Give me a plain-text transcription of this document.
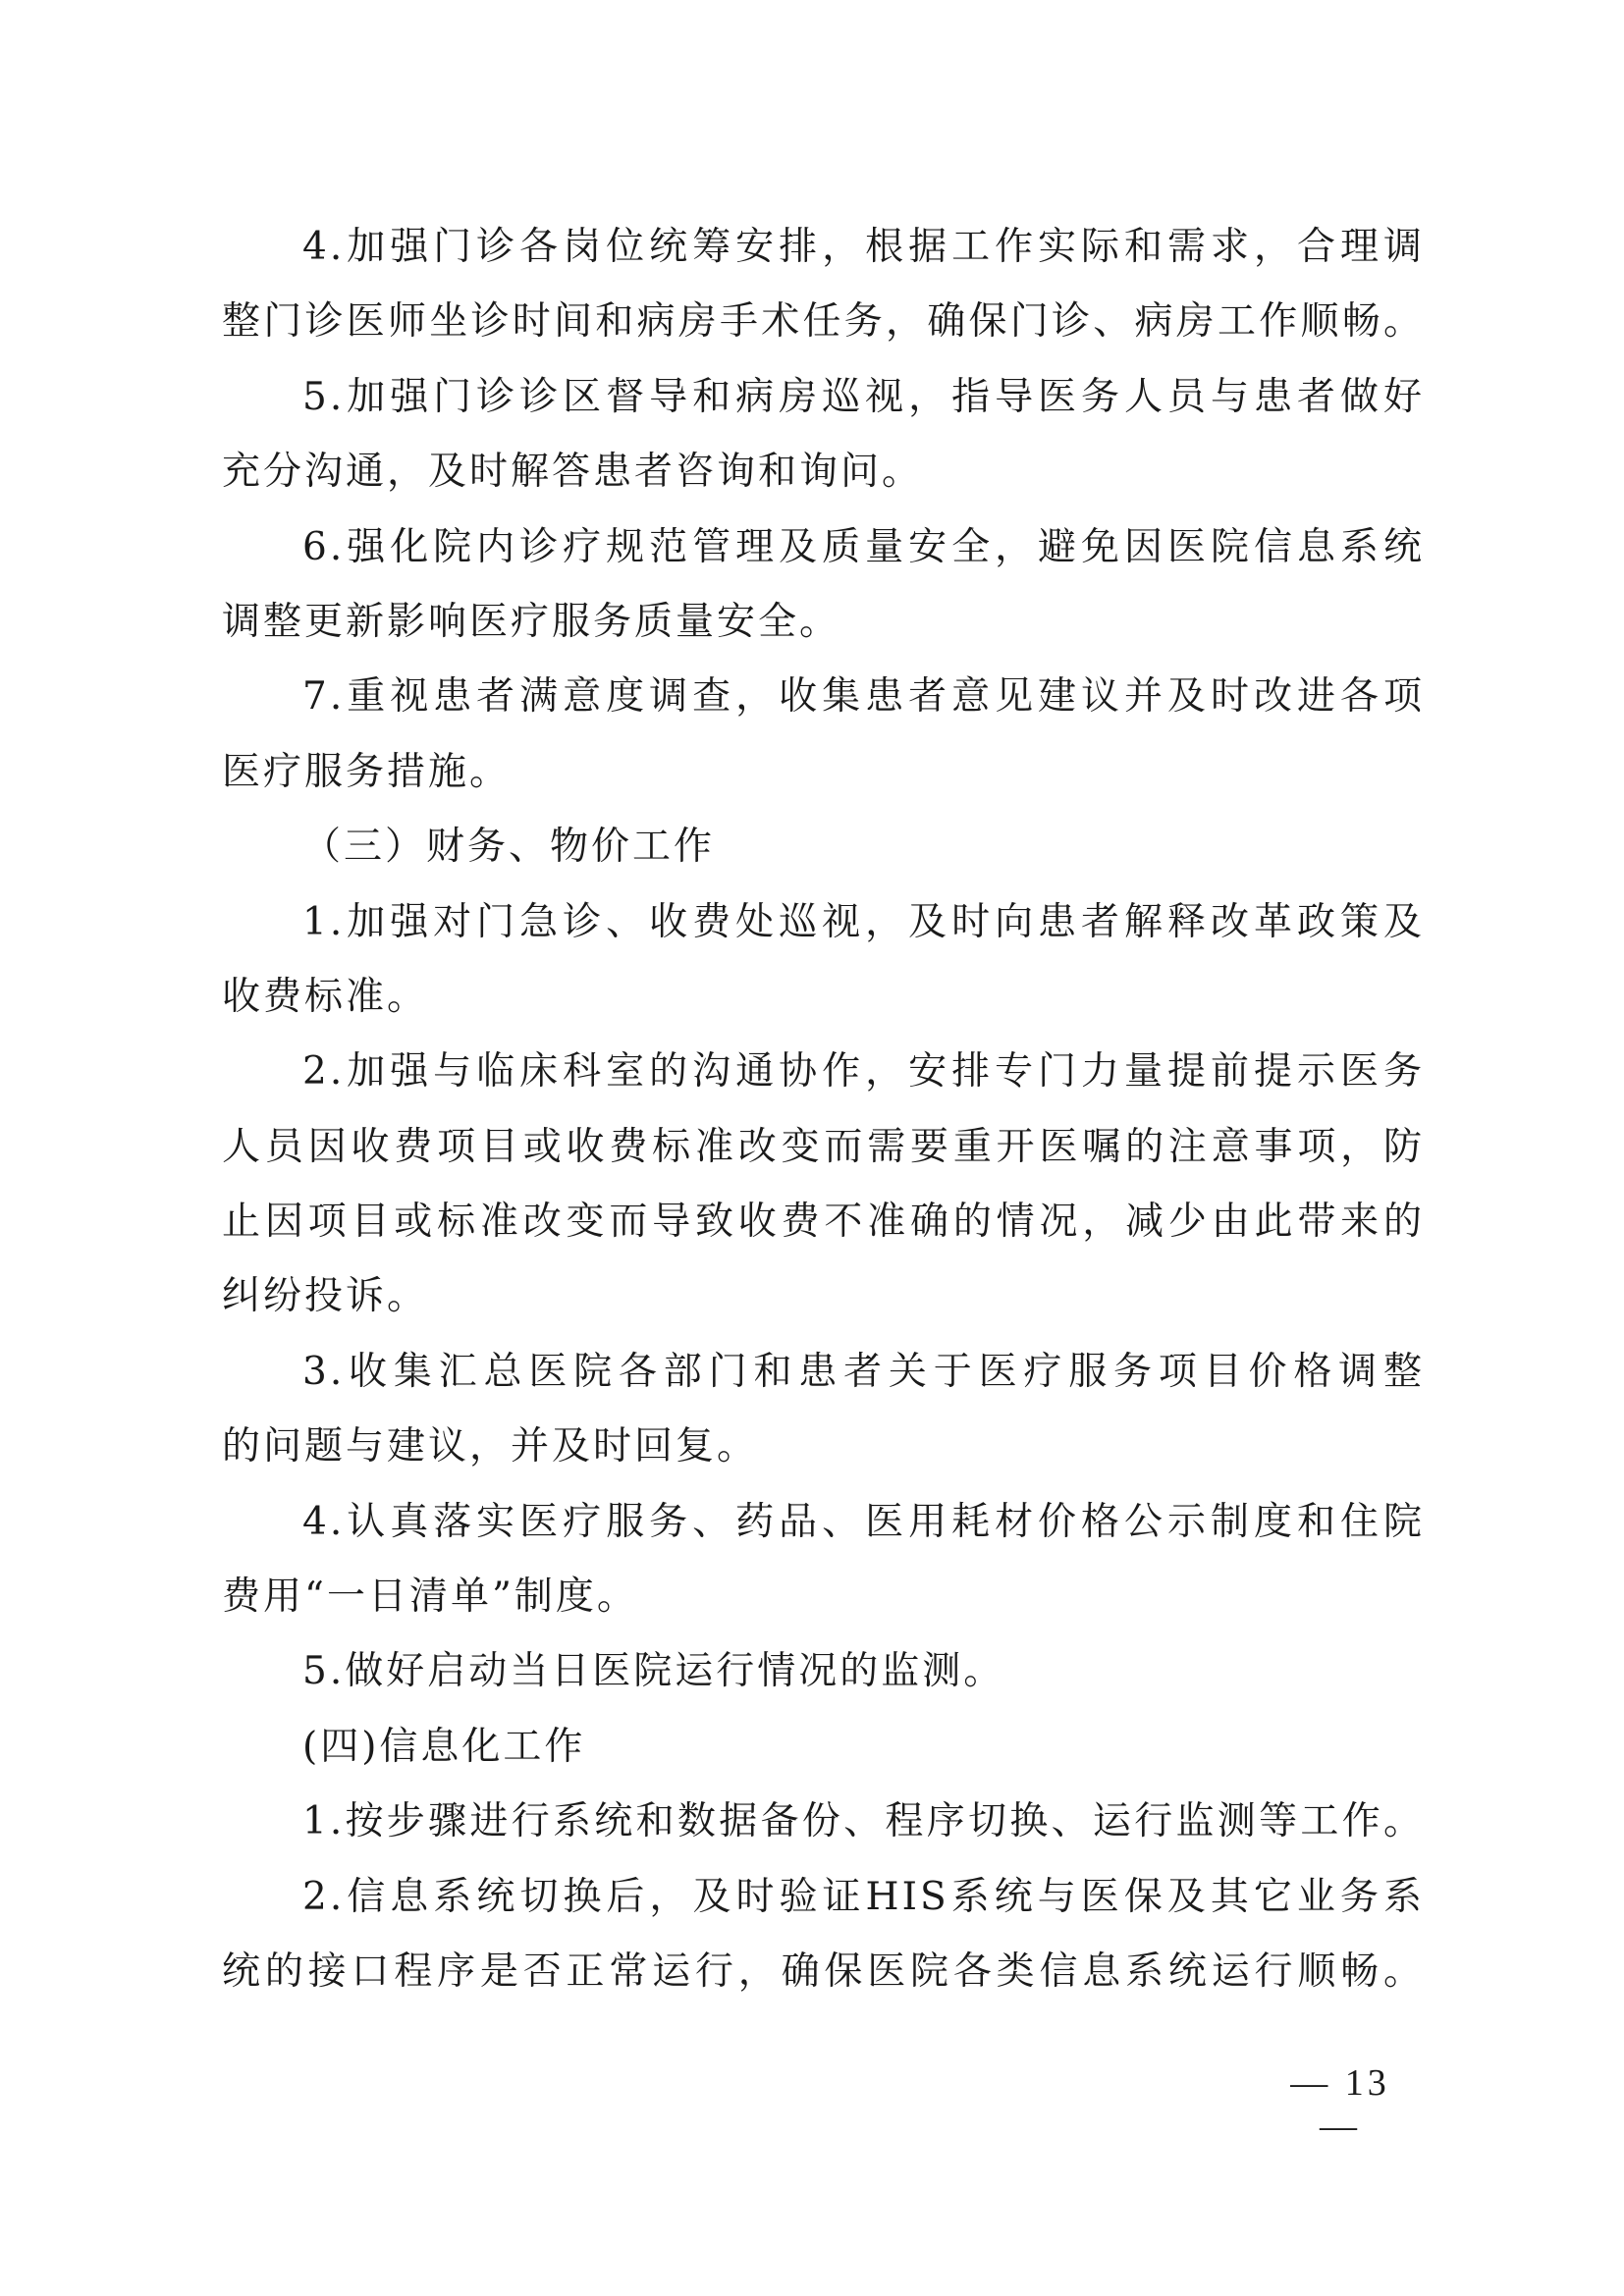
4.加强门诊各岗位统筹安排，根据工作实际和需求，合理调
整门诊医师坐诊时间和病房手术任务，确保门诊、病房工作顺畅。
5.加强门诊诊区督导和病房巡视，指导医务人员与患者做好
充分沟通，及时解答患者咨询和询问。
6.强化院内诊疗规范管理及质量安全，避免因医院信息系统
调整更新影响医疗服务质量安全。
7.重视患者满意度调查，收集患者意见建议并及时改进各项
医疗服务措施。
（三）财务、物价工作
1.加强对门急诊、收费处巡视，及时向患者解释改革政策及
收费标准。
2.加强与临床科室的沟通协作，安排专门力量提前提示医务
人员因收费项目或收费标准改变而需要重开医嘱的注意事项，防
止因项目或标准改变而导致收费不准确的情况，减少由此带来的
纠纷投诉。
3.收集汇总医院各部门和患者关于医疗服务项目价格调整
的问题与建议，并及时回复。
4.认真落实医疗服务、药品、医用耗材价格公示制度和住院
费用“一日清单”制度。
5.做好启动当日医院运行情况的监测。
(四)信息化工作
1.按步骤进行系统和数据备份、程序切换、运行监测等工作。
2.信息系统切换后，及时验证HIS系统与医保及其它业务系
统的接口程序是否正常运行，确保医院各类信息系统运行顺畅。
— 13 —
